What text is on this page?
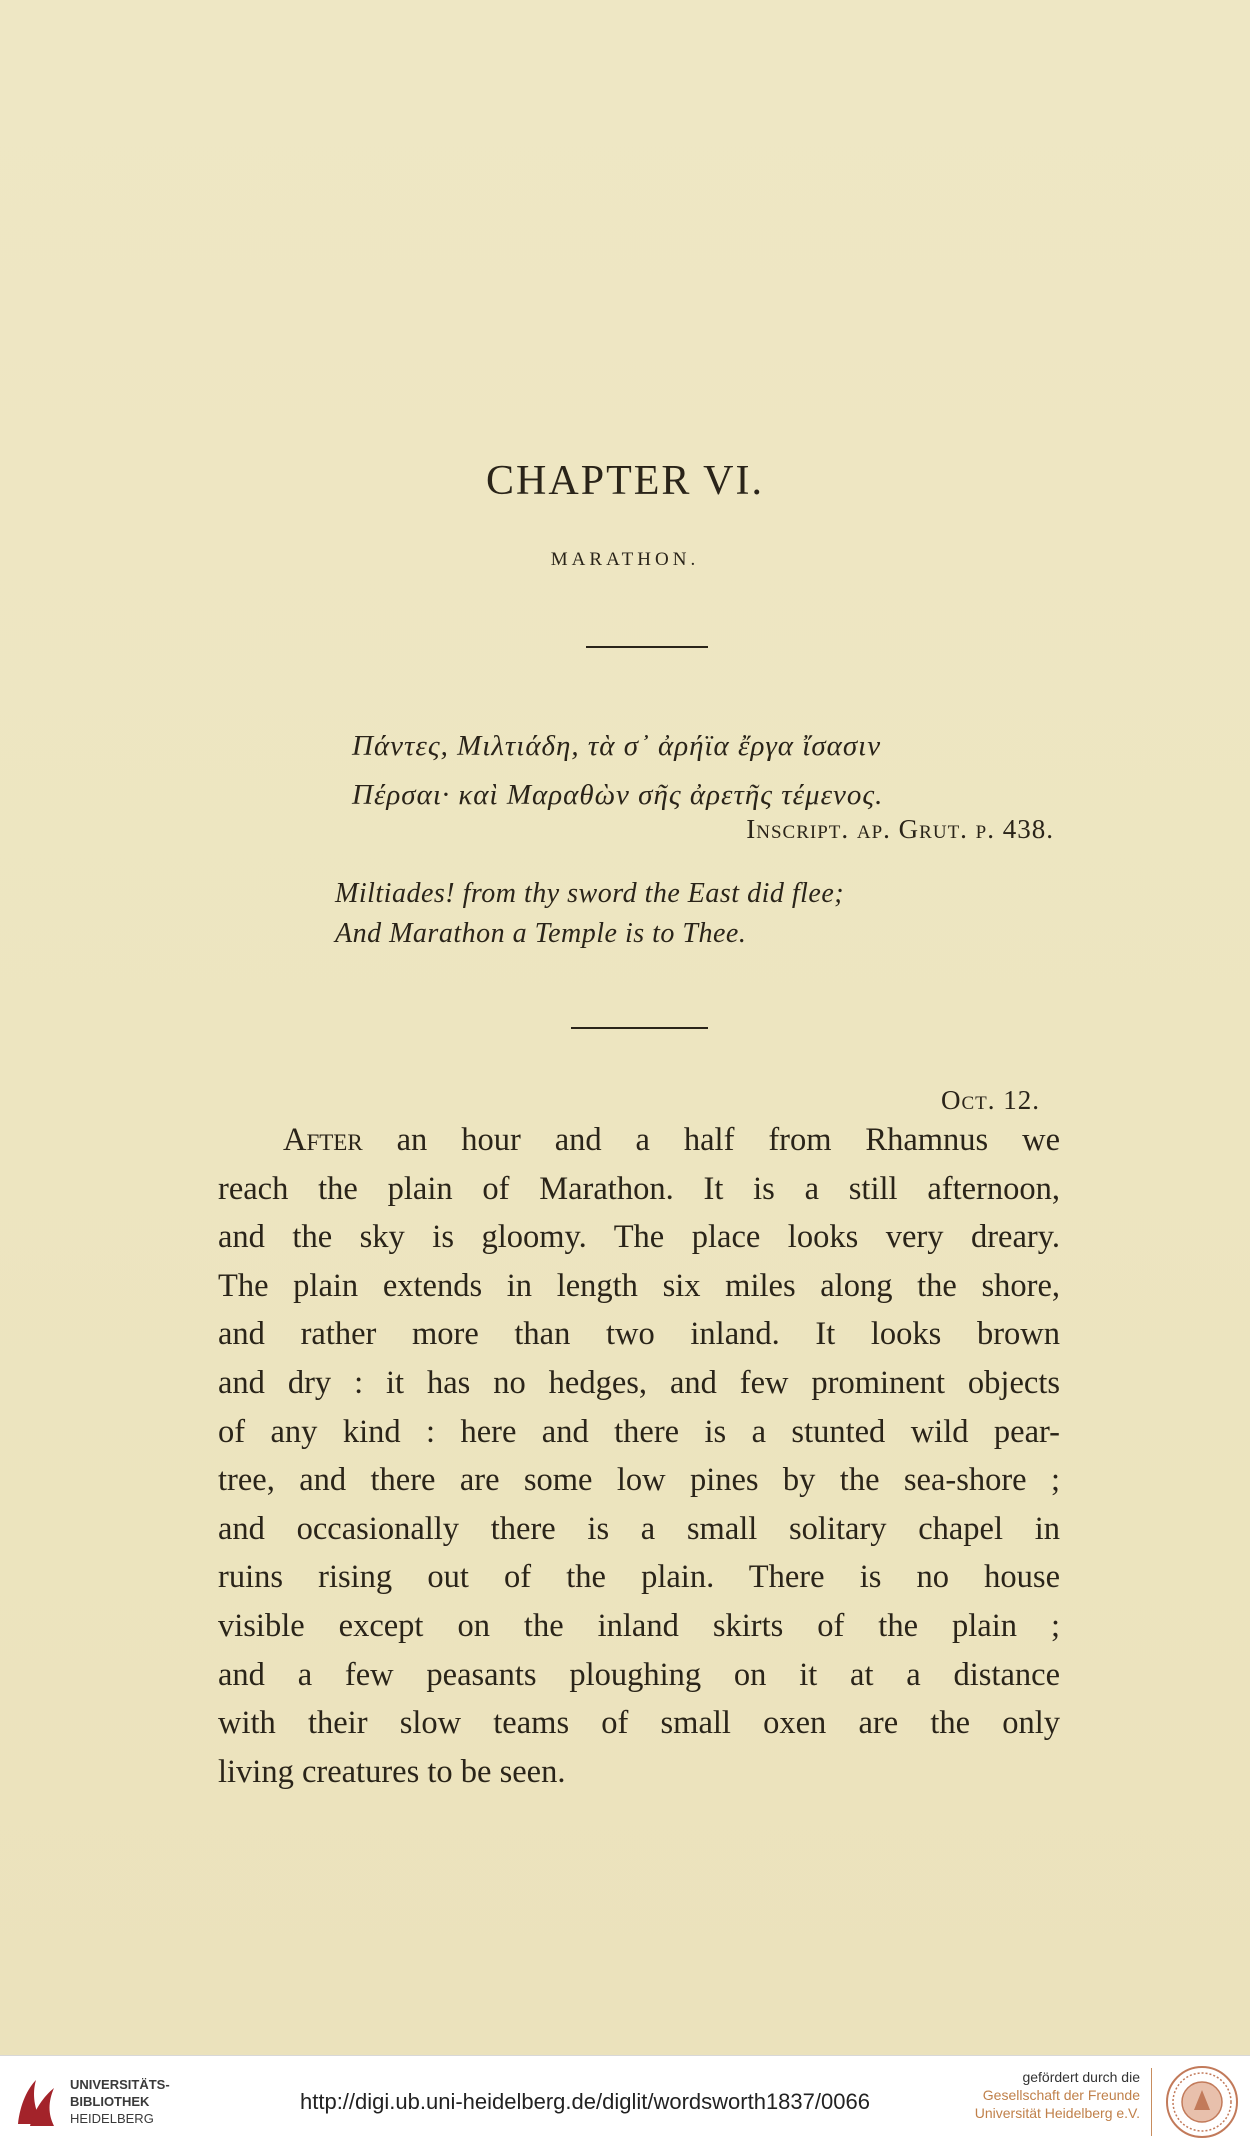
CHAPTER VI.
MARATHON.
Πάντες, Μιλτιάδη, τὰ σ᾽ ἀρήϊα ἔργα ἴσασιν
Πέρσαι· καὶ Μαραθὼν σῆς ἀρετῆς τέμενος.
Inscript. ap. Grut. p. 438.
Miltiades! from thy sword the East did flee;
And Marathon a Temple is to Thee.
Oct. 12.
After an hour and a half from Rhamnus we
reach the plain of Marathon. It is a still afternoon,
and the sky is gloomy. The place looks very dreary.
The plain extends in length six miles along the shore,
and rather more than two inland. It looks brown
and dry : it has no hedges, and few prominent objects
of any kind : here and there is a stunted wild pear-
tree, and there are some low pines by the sea-shore ;
and occasionally there is a small solitary chapel in
ruins rising out of the plain. There is no house
visible except on the inland skirts of the plain ;
and a few peasants ploughing on it at a distance
with their slow teams of small oxen are the only
living creatures to be seen.
UNIVERSITÄTS-
BIBLIOTHEK
HEIDELBERG
http://digi.ub.uni-heidelberg.de/diglit/wordsworth1837/0066
gefördert durch die
Gesellschaft der Freunde
Universität Heidelberg e.V.
